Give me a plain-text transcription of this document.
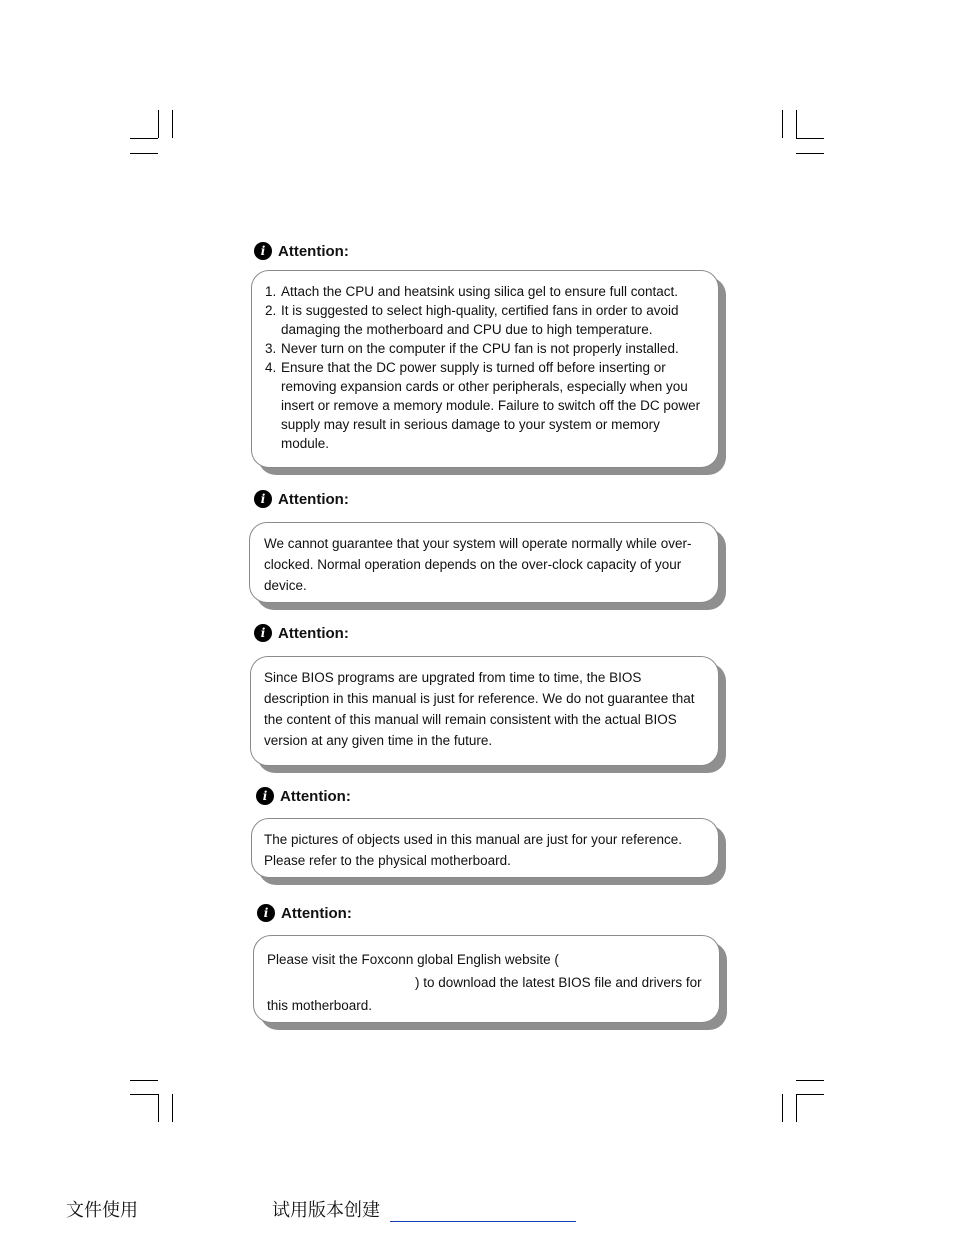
i Attention:
1. Attach the CPU and heatsink using silica gel to ensure full contact.
2. It is suggested to select high-quality, certified fans in order to avoid damaging the motherboard and CPU due to high temperature.
3. Never turn on the computer if the CPU fan is not properly installed.
4. Ensure that the DC power supply is turned off before inserting or removing expansion cards or other peripherals, especially when you insert or remove a memory module. Failure to switch off the DC power supply may result in serious damage to your system or memory module.
i Attention:

We cannot guarantee that your system will operate normally while over-clocked. Normal operation depends on the over-clock capacity of your device.

i Attention:

Since BIOS programs are upgrated from time to time, the BIOS description in this manual is just for reference. We do not guarantee that the content of this manual will remain consistent with the actual BIOS version at any given time in the future.

i Attention:

The pictures of objects used in this manual are just for your reference. Please refer to the physical motherboard.

i Attention:

Please visit the Foxconn global English website (
) to download the latest BIOS file and drivers for this motherboard.

文件使用	试用版本创建
